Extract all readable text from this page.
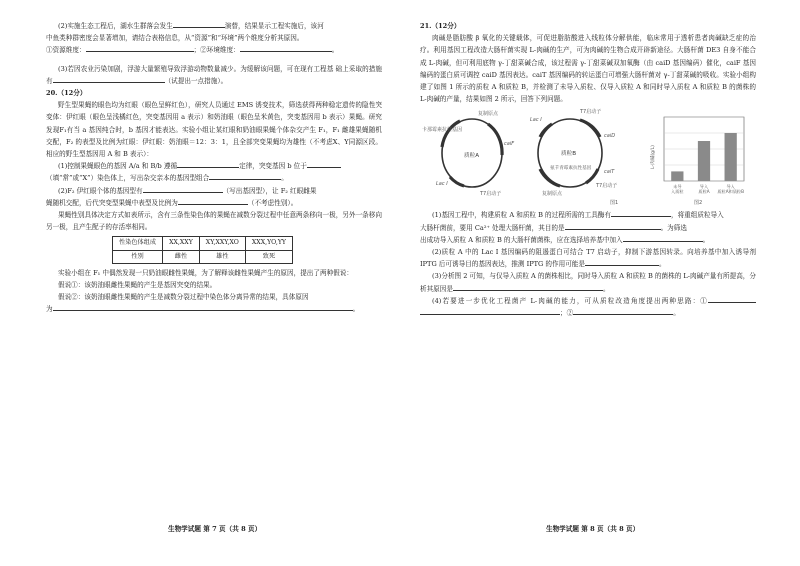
(2)实施生态工程后，湖水生群落会发生	演替，结果显示工程实施后，该河

中鱼类种群密度会显著增加，请结合表格信息，从“资源”和“环境”两个维度分析其原因。

①资源维度：	；②环境维度：	。

(3)若因农业污染加剧，浮游大量繁殖导致浮游动物数量减少。为缓解该问题，可在现有工程基 础上采取的措施有	（试提出一点措施）。

20.（12分）

野生型果蝇的眼色均为红眼（眼色呈鲜红色），研究人员通过 EMS 诱变技术，筛选获得两种稳定遗传的隐性突变体：伊红眼（眼色呈浅橘红色，突变基因用 a 表示）和奶油眼（眼色呈米黄色，突变基因用 b 表示）果蝇。研究发现F₁有当 a 基因纯合时，b 基因才能表达。实验小组让某红眼和奶油眼果蝇个体杂交产生 F₁，F₁ 雌雄果蝇随机交配，F₂ 的表型及比例为红眼：伊红眼：奶油眼＝12：3：1，且全部突变果蝇均为雄性（不考虑X、Y同源区段。相应的野生型基因用 A 和 B 表示）：

(1)控制果蝇眼色的基因 A/a 和 B/b 遵循	定律，突变基因 b 位于

（填“常”或“X”）染色体上，写出杂交亲本的基因型组合	。

(2)F₂ 伊红眼个体的基因型有	（写出基因型），让 F₂ 红眼雌果

蝇随机交配，后代突变型果蝇中表型及比例为	（不考虑性别）。

果蝇性别具体决定方式如表所示，含有三条性染色体的果蝇在减数分裂过程中任意两条移向一极，另外一条移向另一极，且产生配子的存活率相同。

性染色体组成	XX,XXY	XY,XXY,XO	XXX,YO,YY
性别	雌性	雄性	致死

实验小组在 F₁ 中偶然发现一只奶油眼雌性果蝇，为了解释该雌性果蝇产生的原因，提出了两种假说：

假说①：该奶油眼雌性果蝇的产生是基因突变的结果。

假说②：该奶油眼雌性果蝇的产生是减数分裂过程中染色体分离异常的结果，具体原因

为	。

生物学试题 第 7 页（共 8 页）

21.（12分）

肉碱是脂肪酸 β 氧化的关键载体，可促进脂肪酸进入线粒体分解供能，临床常用于透析患者肉碱缺乏症的治疗。利用基因工程改造大肠杆菌实现 L-肉碱的生产，可为肉碱的生物合成开辟新途径。大肠杆菌 DE3 自身不能合成 L-肉碱，但可利用底物 γ-丁甜菜碱合成，该过程需 γ-丁甜菜碱双加氧酶（由 caiD 基因编码）催化，caiF 基因编码的蛋白质可调控 caiD 基因表达。caiT 基因编码的转运蛋白可增强大肠杆菌对 γ-丁甜菜碱的吸收。实验小组构建了如图 1 所示的质粒 A 和质粒 B，并检测了未导入质粒、仅导入质粒 A 和同时导入质粒 A 和质粒 B 的菌株的 L-肉碱的产量，结果如图 2 所示，回答下列问题。

复制原点
卡那霉素抗性基因
质粒A
caiF
Lac I
T7启动子
T7启动子
Lac I
caiD
质粒B
氨苄青霉素抗性基因
caiT
复制原点
T7启动子
图1
L-肉碱(g/L)
未导入质粒
导入质粒A
导入质粒A和质粒B
图2

(1)基因工程中，构建质粒 A 和质粒 B 的过程所需的工具酶有	，将重组质粒导入

大肠杆菌前，要用 Ca²⁺ 处理大肠杆菌，其目的是	。为筛选

出成功导入质粒 A 和质粒 B 的大肠杆菌菌株，应在选择培养基中加入	。

(2)质粒 A 中的 Lac I 基因编码的阻遏蛋白可结合 T7 启动子，抑制下游基因转录。向培养基中加入诱导剂 IPTG 后可诱导目的基因表达，推测 IPTG 的作用可能是	。

(3)分析图 2 可知，与仅导入质粒 A 的菌株相比，同时导入质粒 A 和质粒 B 的菌株的 L-肉碱产量有所提高，分析其原因是	。

(4)若要进一步优化工程菌产 L-肉碱的能力，可从质粒改造角度提出两种思路：① ；②	。

生物学试题 第 8 页（共 8 页）
